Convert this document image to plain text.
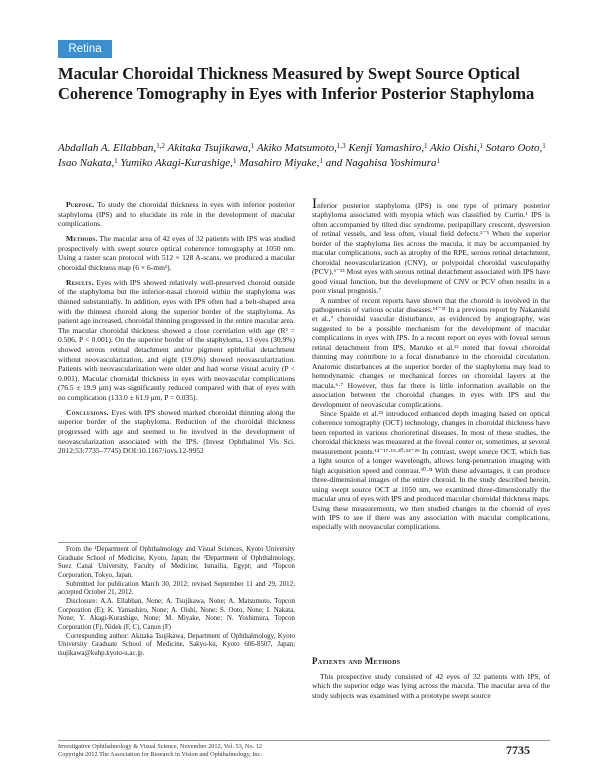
Retina
Macular Choroidal Thickness Measured by Swept Source Optical Coherence Tomography in Eyes with Inferior Posterior Staphyloma
Abdallah A. Ellabban,$^{1,2}$ Akitaka Tsujikawa,$^1$ Akiko Matsumoto,$^{1,3}$ Kenji Yamashiro,$^1$ Akio Oishi,$^1$ Sotaro Ooto,$^1$ Isao Nakata,$^1$ Yumiko Akagi-Kurashige,$^1$ Masahiro Miyake,$^1$ and Nagahisa Yoshimura$^1$

Purpose. To study the choroidal thickness in eyes with inferior posterior staphyloma (IPS) and to elucidate its role in the development of macular complications.

Methods. The macular area of 42 eyes of 32 patients with IPS was studied prospectively with swept source optical coherence tomography at 1050 nm. Using a raster scan protocol with 512 × 128 A-scans, we produced a macular choroidal thickness map (6 × 6-mm²).

Results. Eyes with IPS showed relatively well-preserved choroid outside of the staphyloma but the inferior-nasal choroid within the staphyloma was thinned substantially. In addition, eyes with IPS often had a belt-shaped area with the thinnest choroid along the superior border of the staphyloma. As patient age increased, choroidal thinning progressed in the entire macular area. The macular choroidal thickness showed a close correlation with age (R² = 0.506, P < 0.001). On the superior border of the staphyloma, 13 eyes (30.9%) showed serous retinal detachment and/or pigment epithelial detachment without neovascularization, and eight (19.0%) showed neovascularization. Patients with neovascularization were older and had worse visual acuity (P < 0.001). Macular choroidal thickness in eyes with neovascular complications (76.5 ± 19.9 μm) was significantly reduced compared with that of eyes with no complication (133.0 ± 61.9 μm, P = 0.035).

Conclusions. Eyes with IPS showed marked choroidal thinning along the superior border of the staphyloma. Reduction of the choroidal thickness progressed with age and seemed to be involved in the development of neovascularization associated with the IPS. (Invest Ophthalmol Vis Sci. 2012;53:7735–7745) DOI:10.1167/iovs.12-9952

From the ¹Department of Ophthalmology and Visual Sciences, Kyoto University Graduate School of Medicine, Kyoto, Japan; the ²Department of Ophthalmology, Suez Canal University, Faculty of Medicine, Ismailia, Egypt; and ³Topcon Corporation, Tokyo, Japan.

Submitted for publication March 30, 2012; revised September 11 and 29, 2012; accepted October 21, 2012.

Disclosure: A.A. Ellabban, None; A. Tsujikawa, None; A. Matsumoto, Topcon Corporation (E); K. Yamashiro, None; A. Oishi, None; S. Ooto, None; I. Nakata, None; Y. Akagi-Kurashige, None; M. Miyake, None; N. Yoshimura, Topcon Corporation (F), Nidek (F, C), Canon (F)

Corresponding author: Akitaka Tsujikawa, Department of Ophthalmology, Kyoto University Graduate School of Medicine, Sakyo-ku, Kyoto 606-8507, Japan; tsujikawa@kuhp.kyoto-u.ac.jp.

Inferior posterior staphyloma (IPS) is one type of primary posterior staphyloma associated with myopia which was classified by Curtin.¹ IPS is often accompanied by tilted disc syndrome, peripapillary crescent, dysversion of retinal vessels, and less often, visual field defects.²⁻⁵ When the superior border of the staphyloma lies across the macula, it may be accompanied by macular complications, such as atrophy of the RPE, serous retinal detachment, choroidal neovascularization (CNV), or polypoidal choroidal vasculopathy (PCV).⁶⁻¹³ Most eyes with serous retinal detachment associated with IPS have good visual function, but the development of CNV or PCV often results in a poor visual prognosis.⁷

A number of recent reports have shown that the choroid is involved in the pathogenesis of various ocular diseases.¹⁴⁻²¹ In a previous report by Nakanishi et al.,⁷ choroidal vascular disturbance, as evidenced by angiography, was suggested to be a possible mechanism for the development of macular complications in eyes with IPS. In a recent report on eyes with foveal serous retinal detachment from IPS, Maruko et al.²² noted that foveal choroidal thinning may contribute to a focal disturbance in the choroidal circulation. Anatomic disturbances at the superior border of the staphyloma may lead to hemodynamic changes or mechanical forces on choroidal layers at the macula.⁶·⁷ However, thus far there is little information available on the association between the choroidal changes in eyes with IPS and the development of neovascular complications.

Since Spaide et al.²³ introduced enhanced depth imaging based on optical coherence tomography (OCT) technology, changes in choroidal thickness have been reported in various chorioretinal diseases. In most of these studies, the choroidal thickness was measured at the foveal center or, sometimes, at several measurement points.¹⁴⁻¹⁷·¹⁹·²⁰·²⁴⁻²⁹ In contrast, swept source OCT, which has a light source of a longer wavelength, allows long-penetration imaging with high acquisition speed and contrast.³⁰·³¹ With these advantages, it can produce three-dimensional images of the entire choroid. In the study described herein, using swept source OCT at 1050 nm, we examined three-dimensionally the macular area of eyes with IPS and produced macular choroidal thickness maps. Using these measurements, we then studied changes in the choroid of eyes with IPS to see if there was any association with macular complications, especially with neovascular complications.

Patients and Methods

This prospective study consisted of 42 eyes of 32 patients with IPS, of which the superior edge was lying across the macula. The macular area of the study subjects was examined with a prototype swept source

Investigative Ophthalmology & Visual Science, November 2012, Vol. 53, No. 12
Copyright 2012 The Association for Research in Vision and Ophthalmology, Inc.	7735
